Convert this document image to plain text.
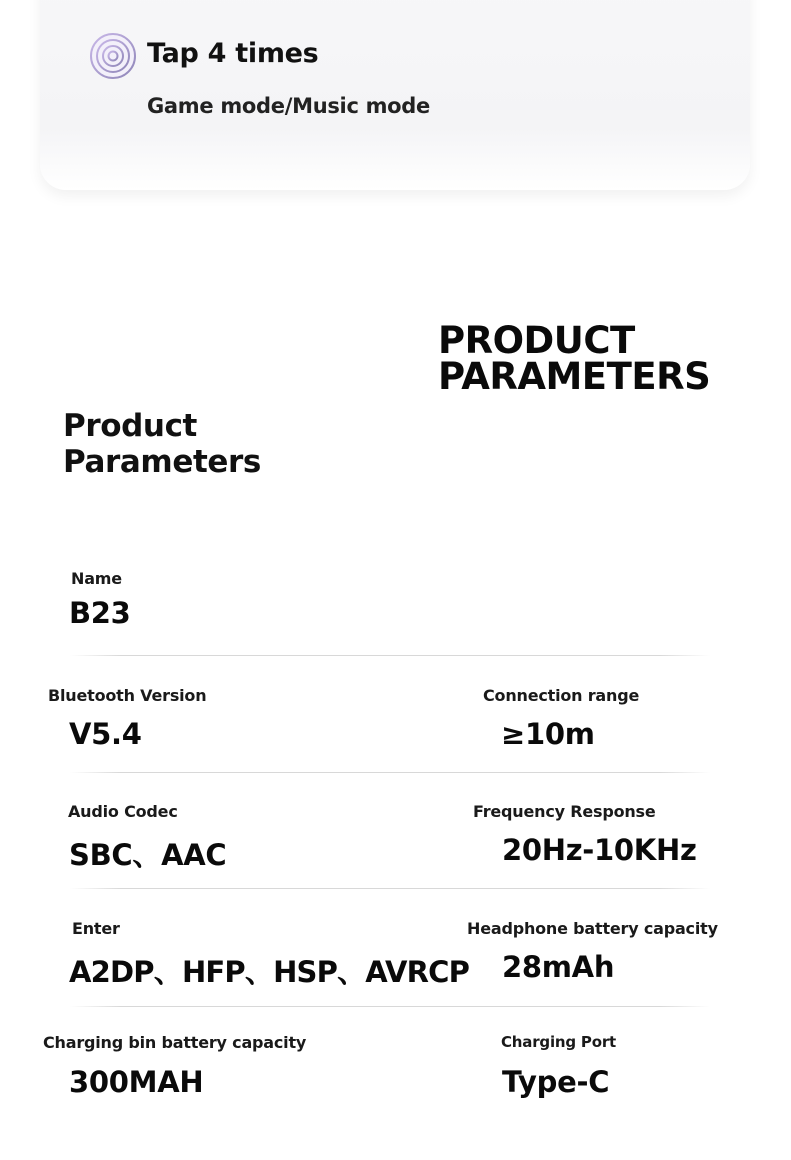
Tap 4 times
Game mode/Music mode
PRODUCT
PARAMETERS
Product
Parameters
Name
B23
Bluetooth Version
V5.4
Connection range
≥10m
Audio Codec
SBC、AAC
Frequency Response
20Hz-10KHz
Enter
A2DP、HFP、HSP、AVRCP
Headphone battery capacity
28mAh
Charging bin battery capacity
300MAH
Charging Port
Type-C
